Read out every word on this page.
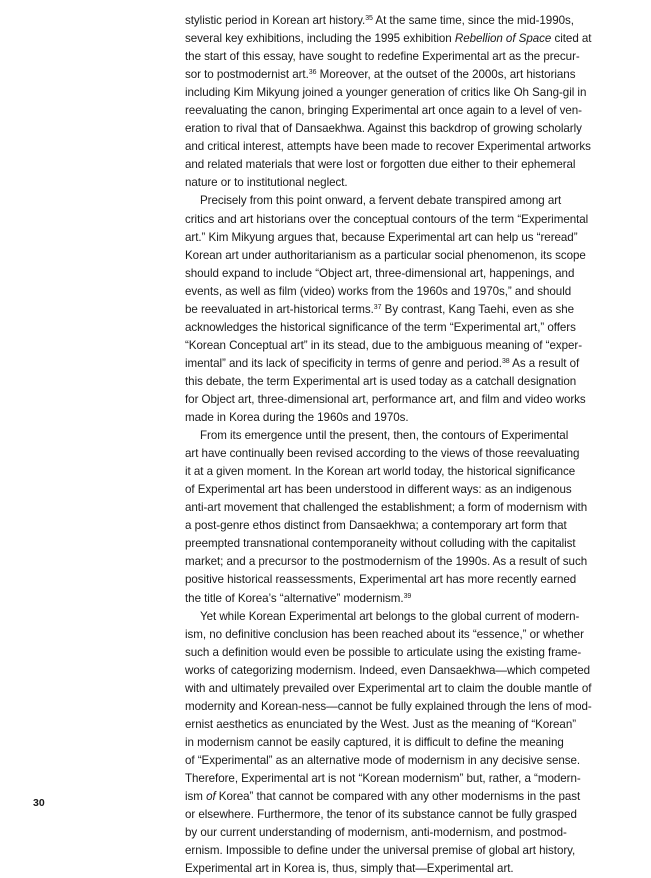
stylistic period in Korean art history.$^{35}$ At the same time, since the mid-1990s,
several key exhibitions, including the 1995 exhibition Rebellion of Space cited at
the start of this essay, have sought to redefine Experimental art as the precur-
sor to postmodernist art.$^{36}$ Moreover, at the outset of the 2000s, art historians
including Kim Mikyung joined a younger generation of critics like Oh Sang-gil in
reevaluating the canon, bringing Experimental art once again to a level of ven-
eration to rival that of Dansaekhwa. Against this backdrop of growing scholarly
and critical interest, attempts have been made to recover Experimental artworks
and related materials that were lost or forgotten due either to their ephemeral
nature or to institutional neglect.
Precisely from this point onward, a fervent debate transpired among art
critics and art historians over the conceptual contours of the term “Experimental
art.” Kim Mikyung argues that, because Experimental art can help us “reread”
Korean art under authoritarianism as a particular social phenomenon, its scope
should expand to include “Object art, three-dimensional art, happenings, and
events, as well as film (video) works from the 1960s and 1970s,” and should
be reevaluated in art-historical terms.$^{37}$ By contrast, Kang Taehi, even as she
acknowledges the historical significance of the term “Experimental art,” offers
“Korean Conceptual art” in its stead, due to the ambiguous meaning of “exper-
imental” and its lack of specificity in terms of genre and period.$^{38}$ As a result of
this debate, the term Experimental art is used today as a catchall designation
for Object art, three-dimensional art, performance art, and film and video works
made in Korea during the 1960s and 1970s.
From its emergence until the present, then, the contours of Experimental
art have continually been revised according to the views of those reevaluating
it at a given moment. In the Korean art world today, the historical significance
of Experimental art has been understood in different ways: as an indigenous
anti-art movement that challenged the establishment; a form of modernism with
a post-genre ethos distinct from Dansaekhwa; a contemporary art form that
preempted transnational contemporaneity without colluding with the capitalist
market; and a precursor to the postmodernism of the 1990s. As a result of such
positive historical reassessments, Experimental art has more recently earned
the title of Korea’s “alternative” modernism.$^{39}$
Yet while Korean Experimental art belongs to the global current of modern-
ism, no definitive conclusion has been reached about its “essence,” or whether
such a definition would even be possible to articulate using the existing frame-
works of categorizing modernism. Indeed, even Dansaekhwa—which competed
with and ultimately prevailed over Experimental art to claim the double mantle of
modernity and Korean-ness—cannot be fully explained through the lens of mod-
ernist aesthetics as enunciated by the West. Just as the meaning of “Korean”
in modernism cannot be easily captured, it is difficult to define the meaning
of “Experimental” as an alternative mode of modernism in any decisive sense.
Therefore, Experimental art is not “Korean modernism” but, rather, a “modern-
ism of Korea” that cannot be compared with any other modernisms in the past
or elsewhere. Furthermore, the tenor of its substance cannot be fully grasped
by our current understanding of modernism, anti-modernism, and postmod-
ernism. Impossible to define under the universal premise of global art history,
Experimental art in Korea is, thus, simply that—Experimental art.
30
